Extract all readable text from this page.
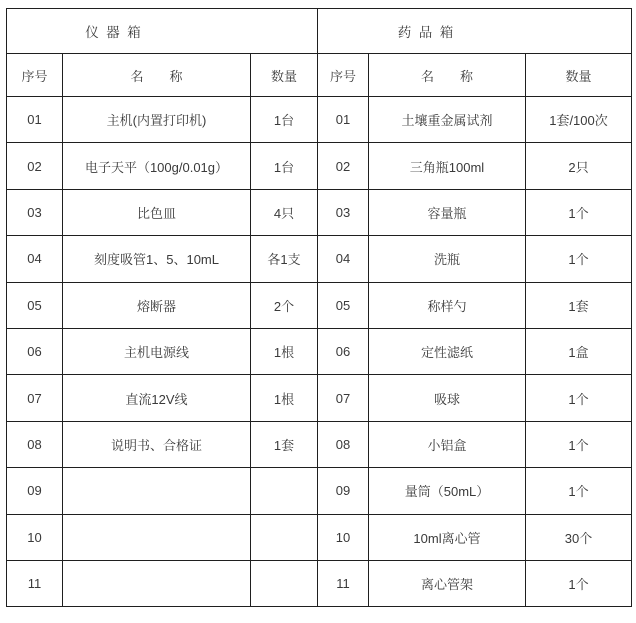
仪  器  箱			药  品  箱		
序号	名　　称	数量	序号	名　　称	数量
01	主机(内置打印机)	1台	01	土壤重金属试剂	1套/100次
02	电子天平（100g/0.01g）	1台	02	三角瓶100ml	2只
03	比色皿	4只	03	容量瓶	1个
04	刻度吸管1、5、10mL	各1支	04	洗瓶	1个
05	熔断器	2个	05	称样勺	1套
06	主机电源线	1根	06	定性滤纸	1盒
07	直流12V线	1根	07	吸球	1个
08	说明书、合格证	1套	08	小铝盒	1个
09			09	量筒（50mL）	1个
10			10	10ml离心管	30个
11			11	离心管架	1个
